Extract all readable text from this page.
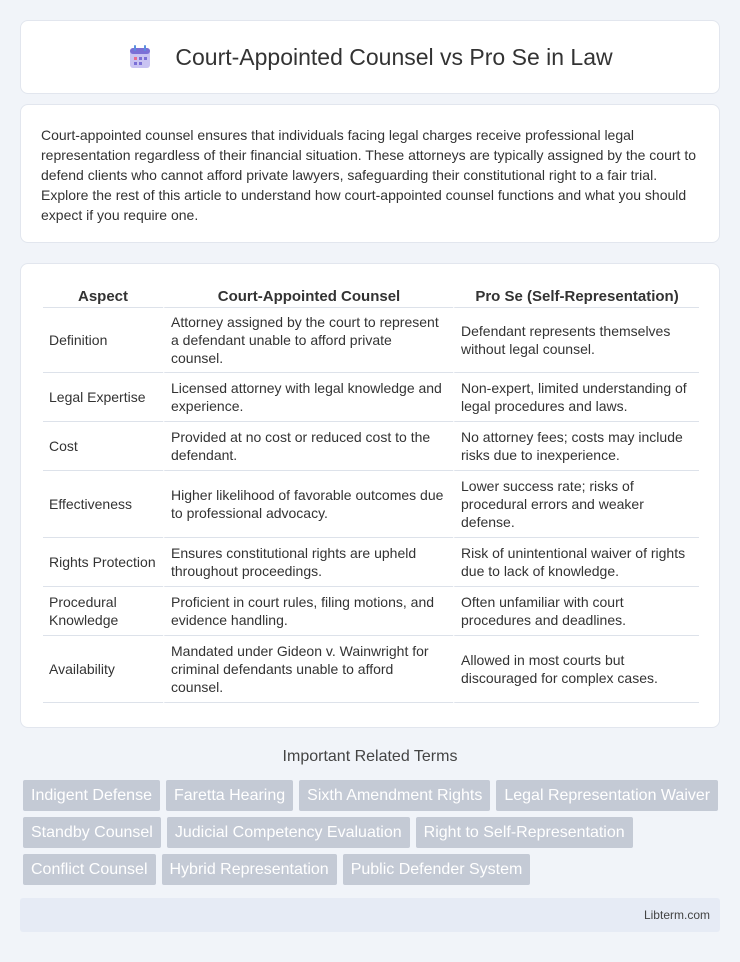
Court-Appointed Counsel vs Pro Se in Law

Court-appointed counsel ensures that individuals facing legal charges receive professional legal representation regardless of their financial situation. These attorneys are typically assigned by the court to defend clients who cannot afford private lawyers, safeguarding their constitutional right to a fair trial. Explore the rest of this article to understand how court-appointed counsel functions and what you should expect if you require one.

Aspect	Court-Appointed Counsel	Pro Se (Self-Representation)
Definition	Attorney assigned by the court to represent a defendant unable to afford private counsel.	Defendant represents themselves without legal counsel.
Legal Expertise	Licensed attorney with legal knowledge and experience.	Non-expert, limited understanding of legal procedures and laws.
Cost	Provided at no cost or reduced cost to the defendant.	No attorney fees; costs may include risks due to inexperience.
Effectiveness	Higher likelihood of favorable outcomes due to professional advocacy.	Lower success rate; risks of procedural errors and weaker defense.
Rights Protection	Ensures constitutional rights are upheld throughout proceedings.	Risk of unintentional waiver of rights due to lack of knowledge.
Procedural Knowledge	Proficient in court rules, filing motions, and evidence handling.	Often unfamiliar with court procedures and deadlines.
Availability	Mandated under Gideon v. Wainwright for criminal defendants unable to afford counsel.	Allowed in most courts but discouraged for complex cases.
Important Related Terms
Indigent Defense	Faretta Hearing	Sixth Amendment Rights	Legal Representation Waiver
Standby Counsel	Judicial Competency Evaluation	Right to Self-Representation
Conflict Counsel	Hybrid Representation	Public Defender System
Libterm.com
